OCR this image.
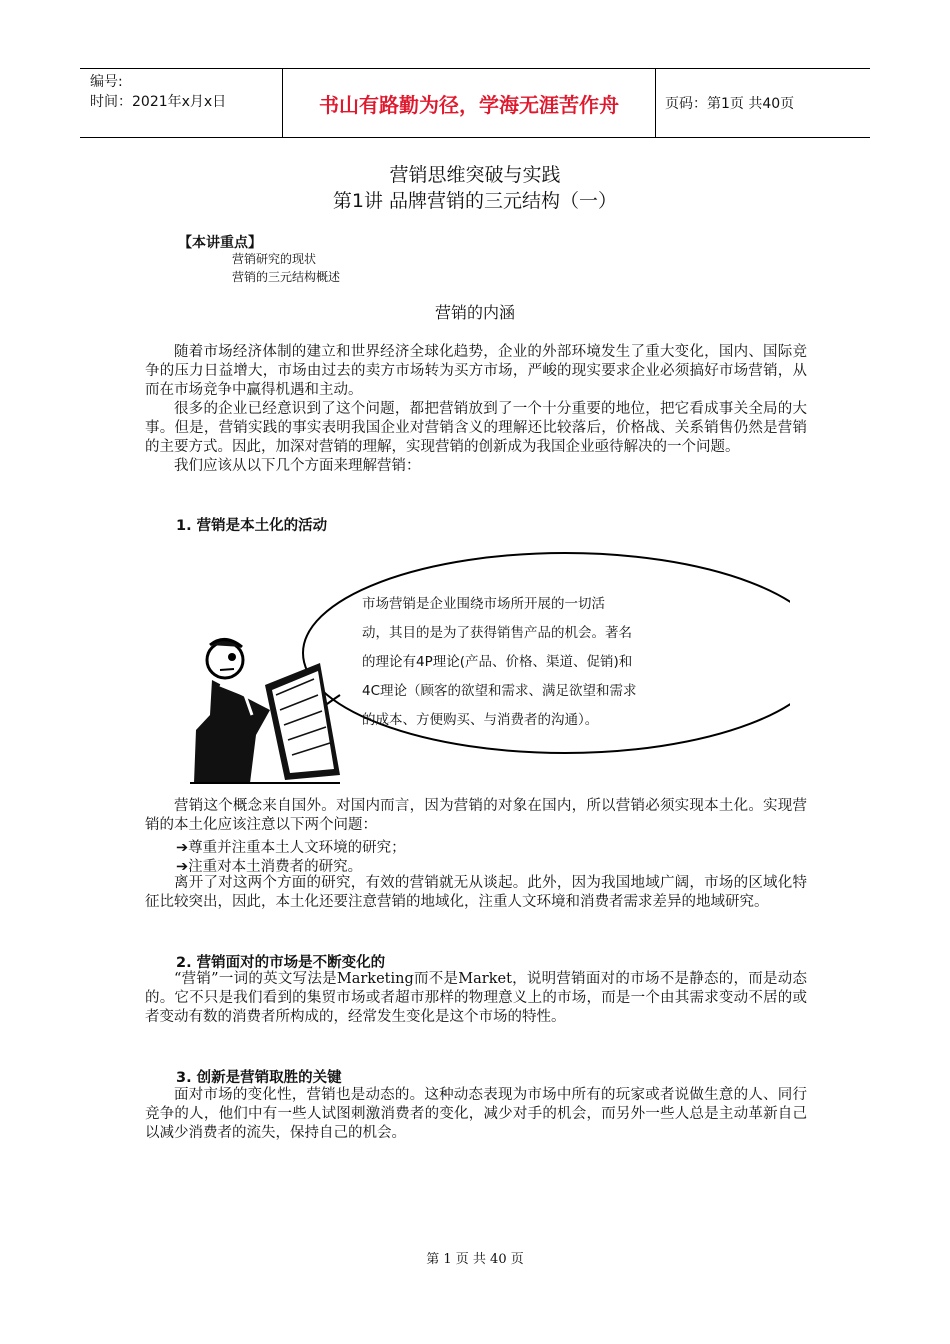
编号:
时间：2021年x月x日	书山有路勤为径，学海无涯苦作舟	页码：第1页 共40页
营销思维突破与实践
第1讲 品牌营销的三元结构（一）
【本讲重点】
营销研究的现状
营销的三元结构概述
营销的内涵

随着市场经济体制的建立和世界经济全球化趋势，企业的外部环境发生了重大变化，国内、国际竞争的压力日益增大，市场由过去的卖方市场转为买方市场，严峻的现实要求企业必须搞好市场营销，从而在市场竞争中赢得机遇和主动。

很多的企业已经意识到了这个问题，都把营销放到了一个十分重要的地位，把它看成事关全局的大事。但是，营销实践的事实表明我国企业对营销含义的理解还比较落后，价格战、关系销售仍然是营销的主要方式。因此，加深对营销的理解，实现营销的创新成为我国企业亟待解决的一个问题。

我们应该从以下几个方面来理解营销：

1. 营销是本土化的活动
市场营销是企业围绕市场所开展的一切活
动，其目的是为了获得销售产品的机会。著名
的理论有4P理论(产品、价格、渠道、促销)和
4C理论（顾客的欲望和需求、满足欲望和需求
的成本、方便购买、与消费者的沟通）。

营销这个概念来自国外。对国内而言，因为营销的对象在国内，所以营销必须实现本土化。实现营销的本土化应该注意以下两个问题：

➔尊重并注重本土人文环境的研究；
➔注重对本土消费者的研究。

离开了对这两个方面的研究，有效的营销就无从谈起。此外，因为我国地域广阔，市场的区域化特征比较突出，因此，本土化还要注意营销的地域化，注重人文环境和消费者需求差异的地域研究。

2. 营销面对的市场是不断变化的

“营销”一词的英文写法是Marketing而不是Market，说明营销面对的市场不是静态的，而是动态的。它不只是我们看到的集贸市场或者超市那样的物理意义上的市场，而是一个由其需求变动不居的或者变动有数的消费者所构成的，经常发生变化是这个市场的特性。

3. 创新是营销取胜的关键

面对市场的变化性，营销也是动态的。这种动态表现为市场中所有的玩家或者说做生意的人、同行竞争的人，他们中有一些人试图刺激消费者的变化，减少对手的机会，而另外一些人总是主动革新自己以减少消费者的流失，保持自己的机会。

第 1 页 共 40 页
